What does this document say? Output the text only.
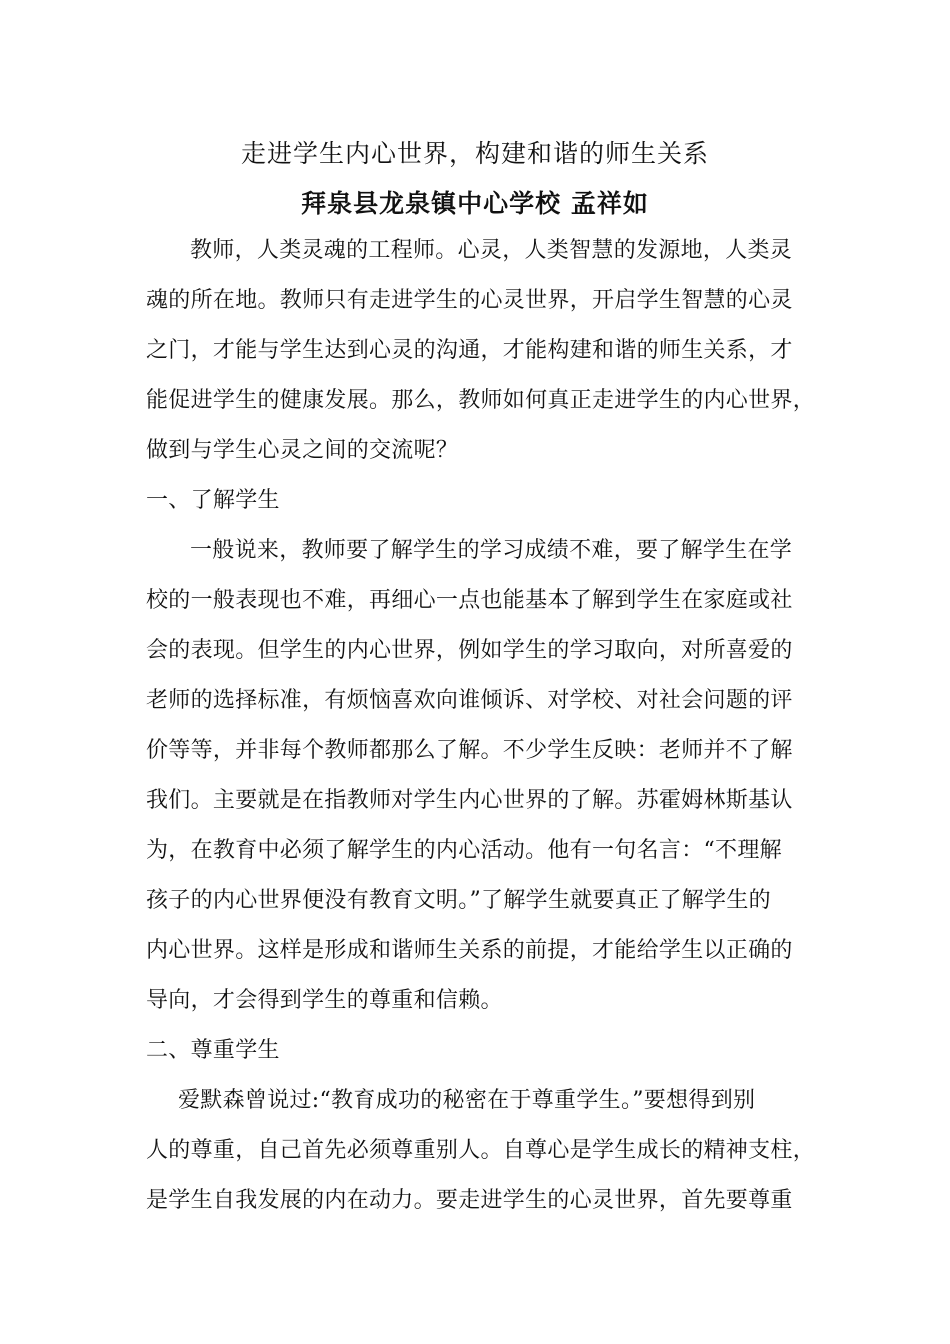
走进学生内心世界，构建和谐的师生关系
拜泉县龙泉镇中心学校 孟祥如
教师，人类灵魂的工程师。心灵，人类智慧的发源地，人类灵
魂的所在地。教师只有走进学生的心灵世界，开启学生智慧的心灵
之门，才能与学生达到心灵的沟通，才能构建和谐的师生关系，才
能促进学生的健康发展。那么，教师如何真正走进学生的内心世界，
做到与学生心灵之间的交流呢？
一、了解学生
一般说来，教师要了解学生的学习成绩不难，要了解学生在学
校的一般表现也不难，再细心一点也能基本了解到学生在家庭或社
会的表现。但学生的内心世界，例如学生的学习取向，对所喜爱的
老师的选择标准，有烦恼喜欢向谁倾诉、对学校、对社会问题的评
价等等，并非每个教师都那么了解。不少学生反映：老师并不了解
我们。主要就是在指教师对学生内心世界的了解。苏霍姆林斯基认
为，在教育中必须了解学生的内心活动。他有一句名言：“不理解
孩子的内心世界便没有教育文明。”了解学生就要真正了解学生的
内心世界。这样是形成和谐师生关系的前提，才能给学生以正确的
导向，才会得到学生的尊重和信赖。
二、尊重学生
爱默森曾说过:“教育成功的秘密在于尊重学生。”要想得到别
人的尊重，自己首先必须尊重别人。自尊心是学生成长的精神支柱，
是学生自我发展的内在动力。要走进学生的心灵世界，首先要尊重
